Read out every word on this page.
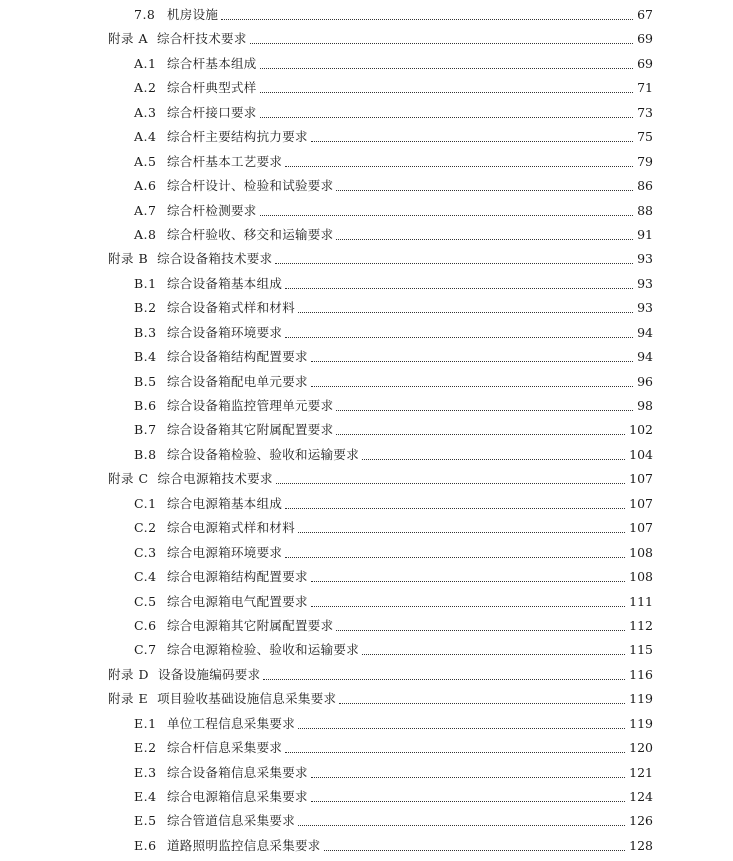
7.8 机房设施	67
附录 A 综合杆技术要求	69
A.1 综合杆基本组成	69
A.2 综合杆典型式样	71
A.3 综合杆接口要求	73
A.4 综合杆主要结构抗力要求	75
A.5 综合杆基本工艺要求	79
A.6 综合杆设计、检验和试验要求	86
A.7 综合杆检测要求	88
A.8 综合杆验收、移交和运输要求	91
附录 B 综合设备箱技术要求	93
B.1 综合设备箱基本组成	93
B.2 综合设备箱式样和材料	93
B.3 综合设备箱环境要求	94
B.4 综合设备箱结构配置要求	94
B.5 综合设备箱配电单元要求	96
B.6 综合设备箱监控管理单元要求	98
B.7 综合设备箱其它附属配置要求	102
B.8 综合设备箱检验、验收和运输要求	104
附录 C 综合电源箱技术要求	107
C.1 综合电源箱基本组成	107
C.2 综合电源箱式样和材料	107
C.3 综合电源箱环境要求	108
C.4 综合电源箱结构配置要求	108
C.5 综合电源箱电气配置要求	111
C.6 综合电源箱其它附属配置要求	112
C.7 综合电源箱检验、验收和运输要求	115
附录 D 设备设施编码要求	116
附录 E 项目验收基础设施信息采集要求	119
E.1 单位工程信息采集要求	119
E.2 综合杆信息采集要求	120
E.3 综合设备箱信息采集要求	121
E.4 综合电源箱信息采集要求	124
E.5 综合管道信息采集要求	126
E.6 道路照明监控信息采集要求	128
